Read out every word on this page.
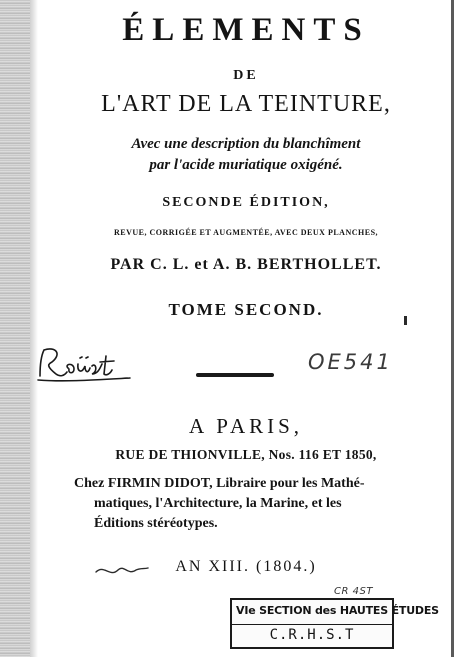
ÉLEMENTS
DE
L'ART DE LA TEINTURE,
Avec une description du blanchîment
par l'acide muriatique oxigéné.
SECONDE ÉDITION,
REVUE, CORRIGÉE ET AUGMENTÉE, AVEC DEUX PLANCHES,
PAR C. L. et A. B. BERTHOLLET.
TOME SECOND.
OE541
A PARIS,
RUE DE THIONVILLE, Nos. 116 ET 1850,
Chez FIRMIN DIDOT, Libraire pour les Mathé-
matiques, l'Architecture, la Marine, et les
Éditions stéréotypes.
AN XIII. (1804.)
CR 4ST
VIe SECTION des HAUTES ÉTUDES
C.R.H.S.T
